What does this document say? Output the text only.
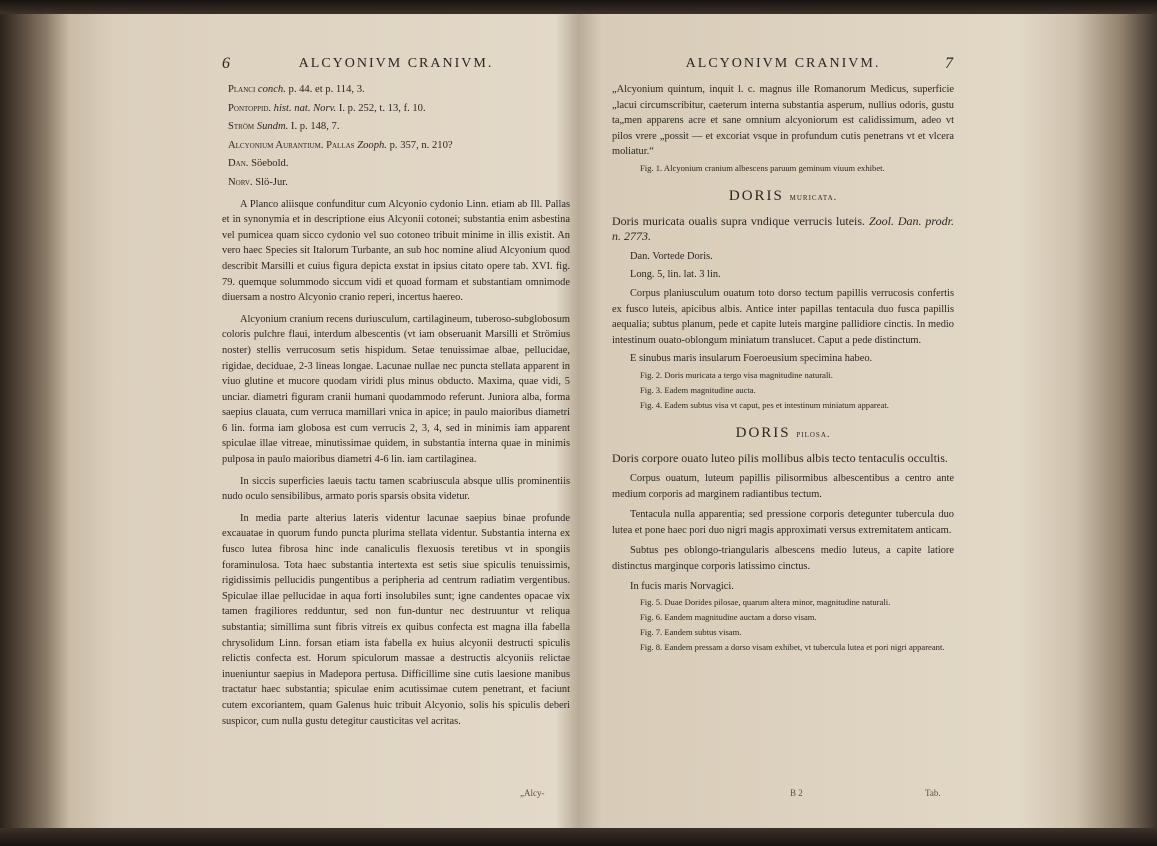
6	ALCYONIVM CRANIVM.
Planci conch. p. 44. et p. 114, 3.
Pontoppid. hist. nat. Norv. I. p. 252, t. 13, f. 10.
Ström Sundm. I. p. 148, 7.
Alcyonium Aurantium. Pallas Zooph. p. 357, n. 210?
Dan. Söebold.
Norv. Slö-Jur.

A Planco aliisque confunditur cum Alcyonio cydonio Linn. etiam ab Ill. Pallas et in synonymia et in descriptione eius Alcyonii cotonei; substantia enim asbestina vel pumicea quam sicco cydonio vel suo cotoneo tribuit minime in illis existit. An vero haec Species sit Italorum Turbante, an sub hoc nomine aliud Alcyonium quod describit Marsilli et cuius figura depicta exstat in ipsius citato opere tab. XVI. fig. 79. quemque solummodo siccum vidi et quoad formam et substantiam omnimode diuersam a nostro Alcyonio cranio reperi, incertus haereo.

Alcyonium cranium recens duriusculum, cartilagineum, tuberoso-subglobosum coloris pulchre flaui, interdum albescentis (vt iam obseruanit Marsilli et Strömius noster) stellis verrucosum setis hispidum. Setae tenuissimae albae, pellucidae, rigidae, deciduae, 2-3 lineas longae. Lacunae nullae nec puncta stellata apparent in viuo glutine et mucore quodam viridi plus minus obducto. Maxima, quae vidi, 5 unciar. diametri figuram cranii humani quodammodo referunt. Juniora alba, forma saepius clauata, cum verruca mamillari vnica in apice; in paulo maioribus diametri 6 lin. forma iam globosa est cum verrucis 2, 3, 4, sed in minimis iam apparent spiculae illae vitreae, minutissimae quidem, in substantia interna quae in minimis pulposa in paulo maioribus diametri 4-6 lin. iam cartilaginea.

In siccis superficies laeuis tactu tamen scabriuscula absque ullis prominentiis nudo oculo sensibilibus, armato poris sparsis obsita videtur.

In media parte alterius lateris videntur lacunae saepius binae profunde excauatae in quorum fundo puncta plurima stellata videntur. Substantia interna ex fusco lutea fibrosa hinc inde canaliculis flexuosis teretibus vt in spongiis foraminulosa. Tota haec substantia intertexta est setis siue spiculis tenuissimis, rigidissimis pellucidis pungentibus a peripheria ad centrum radiatim vergentibus. Spiculae illae pellucidae in aqua forti insolubiles sunt; igne candentes opacae vix tamen fragiliores redduntur, sed non fun-duntur nec destruuntur vt reliqua substantia; simillima sunt fibris vitreis ex quibus confecta est magna illa fabella chrysolidum Linn. forsan etiam ista fabella ex huius alcyonii destructi spiculis relictis confecta est. Horum spiculorum massae a destructis alcyoniis relictae inueniuntur saepius in Madepora pertusa. Difficillime sine cutis laesione manibus tractatur haec substantia; spiculae enim acutissimae cutem penetrant, et faciunt cutem excoriantem, quam Galenus huic tribuit Alcyonio, solis his spiculis deberi suspicor, cum nulla gustu detegitur causticitas vel acritas.

„Alcy-
ALCYONIVM CRANIVM.	7

„Alcyonium quintum, inquit l. c. magnus ille Romanorum Medicus, superficie „lacui circumscribitur, caeterum interna substantia asperum, nullius odoris, gustu ta„men apparens acre et sane omnium alcyoniorum est calidissimum, adeo vt pilos vrere „possit — et excoriat vsque in profundum cutis penetrans vt et vlcera moliatur.“

Fig. 1. Alcyonium cranium albescens paruum geminum viuum exhibet.
DORIS muricata.

Doris muricata oualis supra vndique verrucis luteis. Zool. Dan. prodr. n. 2773.

Dan. Vortede Doris.

Long. 5, lin. lat. 3 lin.

Corpus planiusculum ouatum toto dorso tectum papillis verrucosis confertis ex fusco luteis, apicibus albis. Antice inter papillas tentacula duo fusca papillis aequalia; subtus planum, pede et capite luteis margine pallidiore cinctis. In medio intestinum ouato-oblongum miniatum translucet. Caput a pede distinctum.

E sinubus maris insularum Foeroeusium specimina habeo.

Fig. 2. Doris muricata a tergo visa magnitudine naturali.
Fig. 3. Eadem magnitudine aucta.
Fig. 4. Eadem subtus visa vt caput, pes et intestinum miniatum appareat.
DORIS pilosa.

Doris corpore ouato luteo pilis mollibus albis tecto tentaculis occultis.

Corpus ouatum, luteum papillis pilisormibus albescentibus a centro ante medium corporis ad marginem radiantibus tectum.

Tentacula nulla apparentia; sed pressione corporis detegunter tubercula duo lutea et pone haec pori duo nigri magis approximati versus extremitatem anticam.

Subtus pes oblongo-triangularis albescens medio luteus, a capite latiore distinctus marginque corporis latissimo cinctus.

In fucis maris Norvagici.

Fig. 5. Duae Dorides pilosae, quarum altera minor, magnitudine naturali.
Fig. 6. Eandem magnitudine auctam a dorso visam.
Fig. 7. Eandem subtus visam.
Fig. 8. Eandem pressam a dorso visam exhibet, vt tubercula lutea et pori nigri appareant.
B 2	Tab.
